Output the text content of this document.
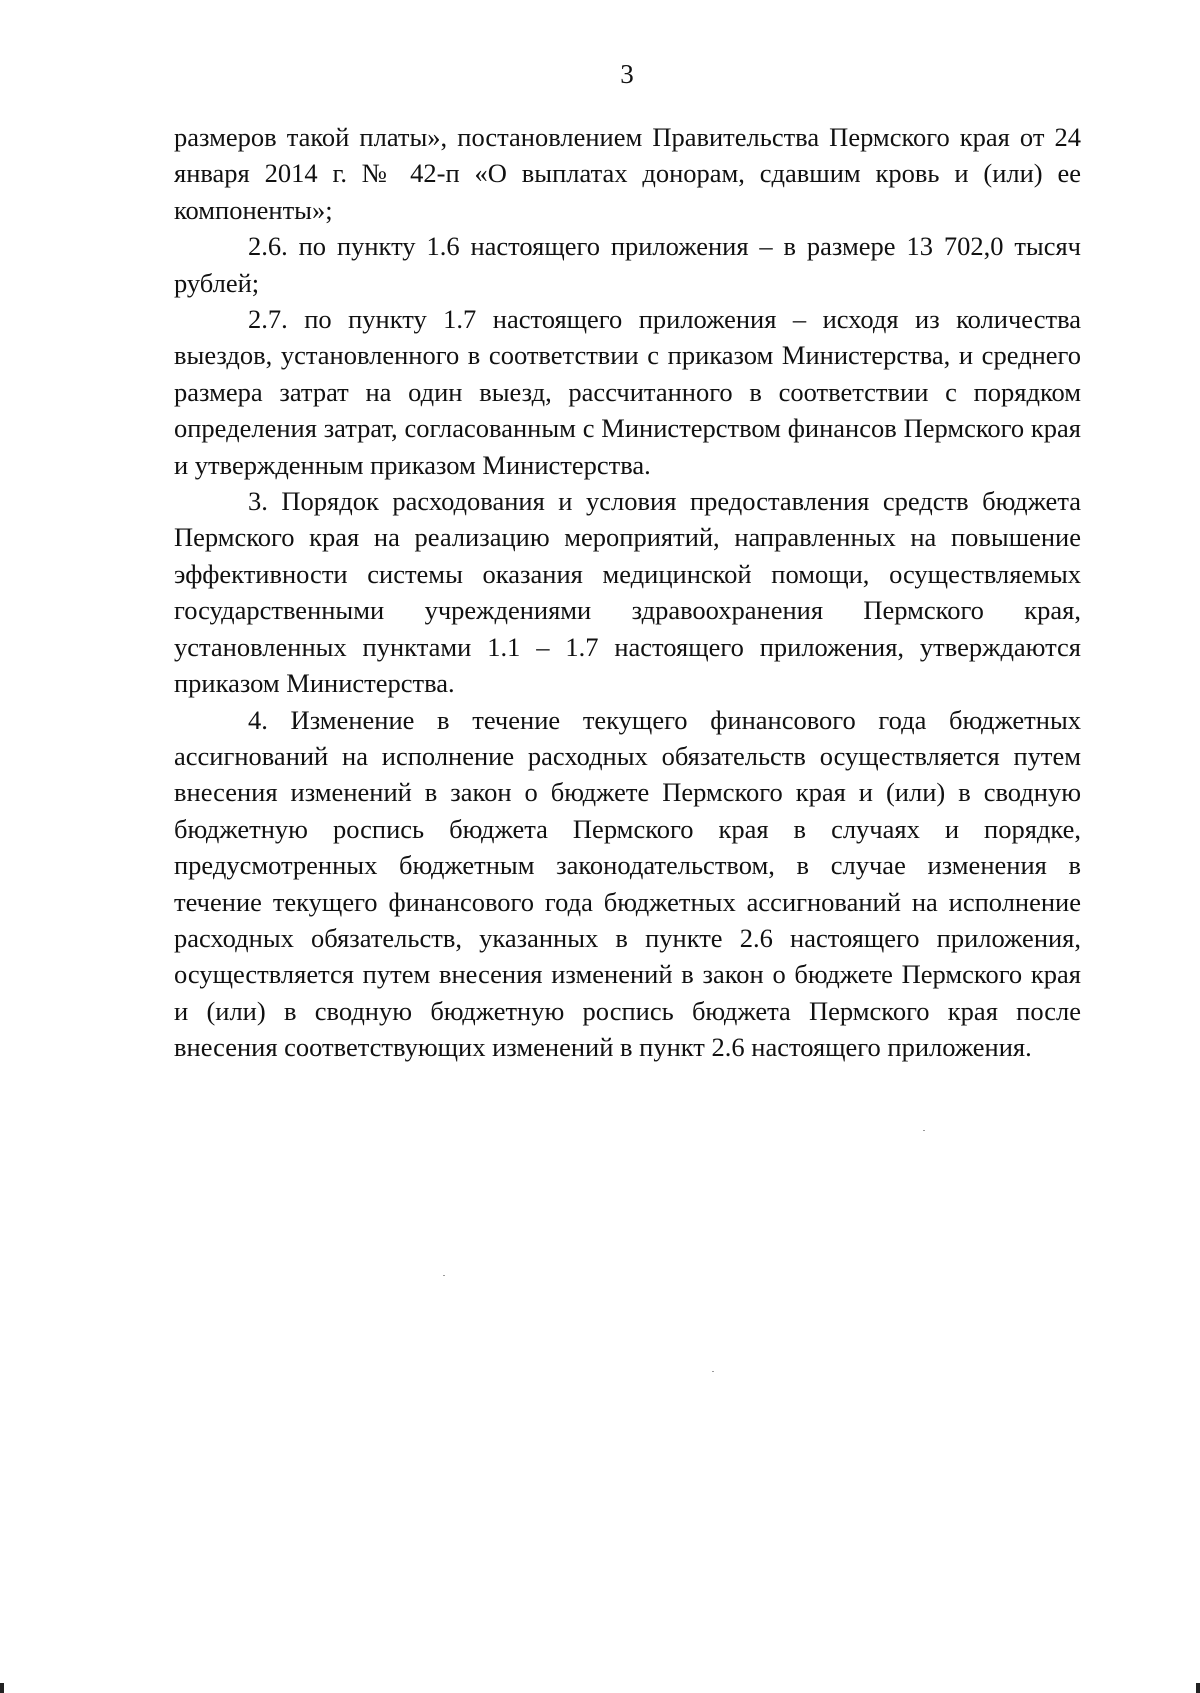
3

размеров такой платы», постановлением Правительства Пермского края от 24 января 2014 г. № 42-п «О выплатах донорам, сдавшим кровь и (или) ее компоненты»;

2.6. по пункту 1.6 настоящего приложения – в размере 13 702,0 тысяч рублей;

2.7. по пункту 1.7 настоящего приложения – исходя из количества выездов, установленного в соответствии с приказом Министерства, и среднего размера затрат на один выезд, рассчитанного в соответствии с порядком определения затрат, согласованным с Министерством финансов Пермского края и утвержденным приказом Министерства.

3. Порядок расходования и условия предоставления средств бюджета Пермского края на реализацию мероприятий, направленных на повышение эффективности системы оказания медицинской помощи, осуществляемых государственными учреждениями здравоохранения Пермского края, установленных пунктами 1.1 – 1.7 настоящего приложения, утверждаются приказом Министерства.

4. Изменение в течение текущего финансового года бюджетных ассигнований на исполнение расходных обязательств осуществляется путем внесения изменений в закон о бюджете Пермского края и (или) в сводную бюджетную роспись бюджета Пермского края в случаях и порядке, предусмотренных бюджетным законодательством, в случае изменения в течение текущего финансового года бюджетных ассигнований на исполнение расходных обязательств, указанных в пункте 2.6 настоящего приложения, осуществляется путем внесения изменений в закон о бюджете Пермского края и (или) в сводную бюджетную роспись бюджета Пермского края после внесения соответствующих изменений в пункт 2.6 настоящего приложения.
